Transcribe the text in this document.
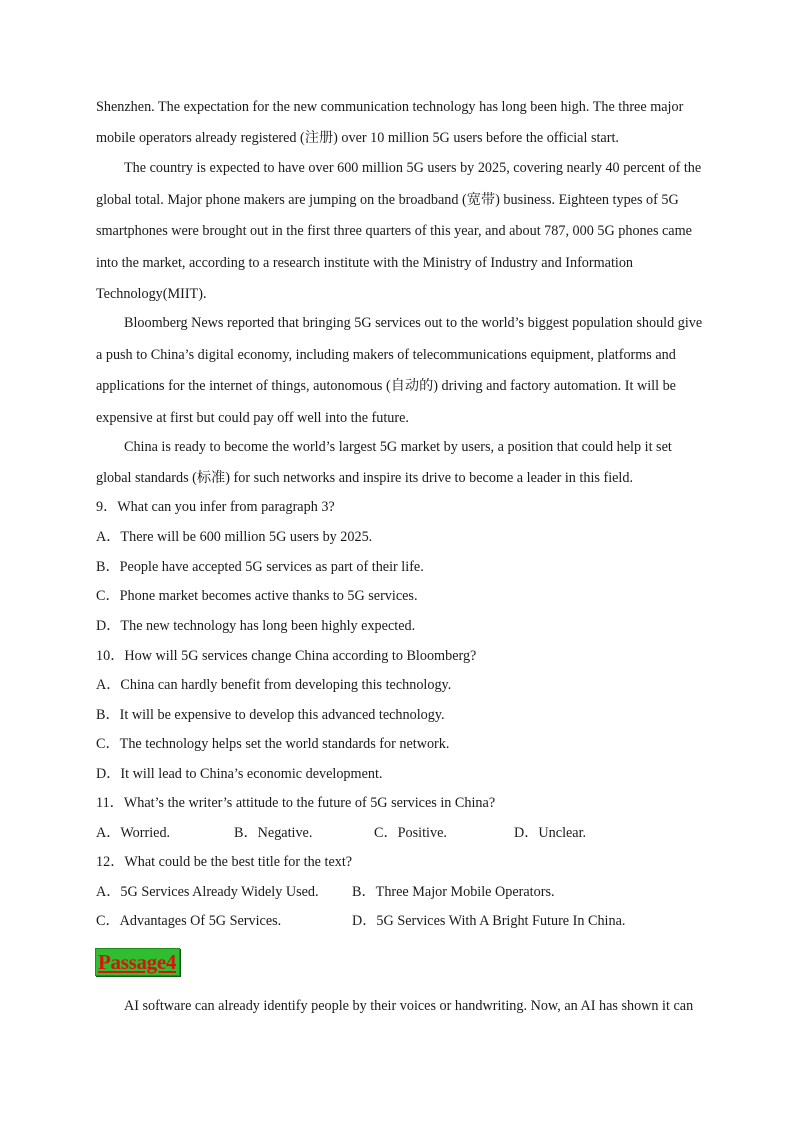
Shenzhen. The expectation for the new communication technology has long been high. The three major
mobile operators already registered (注册) over 10 million 5G users before the official start.
The country is expected to have over 600 million 5G users by 2025, covering nearly 40 percent of the
global total. Major phone makers are jumping on the broadband (宽带) business. Eighteen types of 5G
smartphones were brought out in the first three quarters of this year, and about 787, 000 5G phones came
into the market, according to a research institute with the Ministry of Industry and Information
Technology(MIIT).
Bloomberg News reported that bringing 5G services out to the world’s biggest population should give
a push to China’s digital economy, including makers of telecommunications equipment, platforms and
applications for the internet of things, autonomous (自动的) driving and factory automation. It will be
expensive at first but could pay off well into the future.
China is ready to become the world’s largest 5G market by users, a position that could help it set
global standards (标准) for such networks and inspire its drive to become a leader in this field.
9．What can you infer from paragraph 3?
A．There will be 600 million 5G users by 2025.
B．People have accepted 5G services as part of their life.
C．Phone market becomes active thanks to 5G services.
D．The new technology has long been highly expected.
10．How will 5G services change China according to Bloomberg?
A．China can hardly benefit from developing this technology.
B．It will be expensive to develop this advanced technology.
C．The technology helps set the world standards for network.
D．It will lead to China’s economic development.
11．What’s the writer’s attitude to the future of 5G services in China?
A．Worried.	B．Negative.	C．Positive.	D．Unclear.
12．What could be the best title for the text?
A．5G Services Already Widely Used. B．Three Major Mobile Operators.
C．Advantages Of 5G Services.	D．5G Services With A Bright Future In China.
Passage4
AI software can already identify people by their voices or handwriting. Now, an AI has shown it can
